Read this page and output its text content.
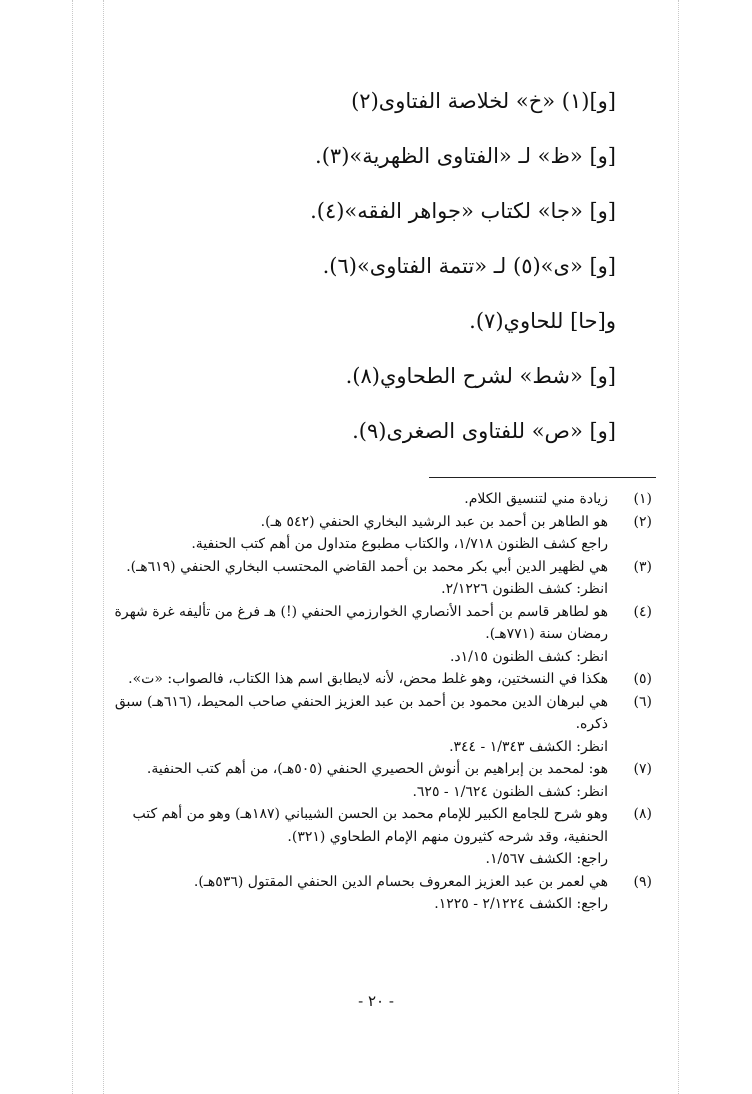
[و](١) «خ» لخلاصة الفتاوى(٢)
[و] «ظ» لـ «الفتاوى الظهرية»(٣).
[و] «جا» لكتاب «جواهر الفقه»(٤).
[و] «ى»(٥) لـ «تتمة الفتاوى»(٦).
و[حا] للحاوي(٧).
[و] «شط» لشرح الطحاوي(٨).
[و] «ص» للفتاوى الصغرى(٩).
(١)
زيادة مني لتنسيق الكلام.
(٢)
هو الطاهر بن أحمد بن عبد الرشيد البخاري الحنفي (٥٤٢ هـ).
راجع كشف الظنون ١/٧١٨، والكتاب مطبوع متداول من أهم كتب الحنفية.
(٣)
هي لظهير الدين أبي بكر محمد بن أحمد القاضي المحتسب البخاري الحنفي (٦١٩هـ).
انظر: كشف الظنون ٢/١٢٢٦.
(٤)
هو لطاهر قاسم بن أحمد الأنصاري الخوارزمي الحنفي (!) هـ فرغ من تأليفه غرة شهرة
رمضان سنة (٧٧١هـ).
انظر: كشف الظنون ١/١٥د.
(٥)
هكذا في النسختين، وهو غلط محض، لأنه لايطابق اسم هذا الكتاب، فالصواب: «ت».
(٦)
هي لبرهان الدين محمود بن أحمد بن عبد العزيز الحنفي صاحب المحيط، (٦١٦هـ) سبق
ذكره.
انظر: الكشف ١/٣٤٣ - ٣٤٤.
(٧)
هو: لمحمد بن إبراهيم بن أنوش الحصيري الحنفي (٥٠٥هـ)، من أهم كتب الحنفية.
انظر: كشف الظنون ١/٦٢٤ - ٦٢٥.
(٨)
وهو شرح للجامع الكبير للإمام محمد بن الحسن الشيباني (١٨٧هـ) وهو من أهم كتب
الحنفية، وقد شرحه كثيرون منهم الإمام الطحاوي (٣٢١).
راجع: الكشف ١/٥٦٧.
(٩)
هي لعمر بن عبد العزيز المعروف بحسام الدين الحنفي المقتول (٥٣٦هـ).
راجع: الكشف ٢/١٢٢٤ - ١٢٢٥.
- ٢٠ -
